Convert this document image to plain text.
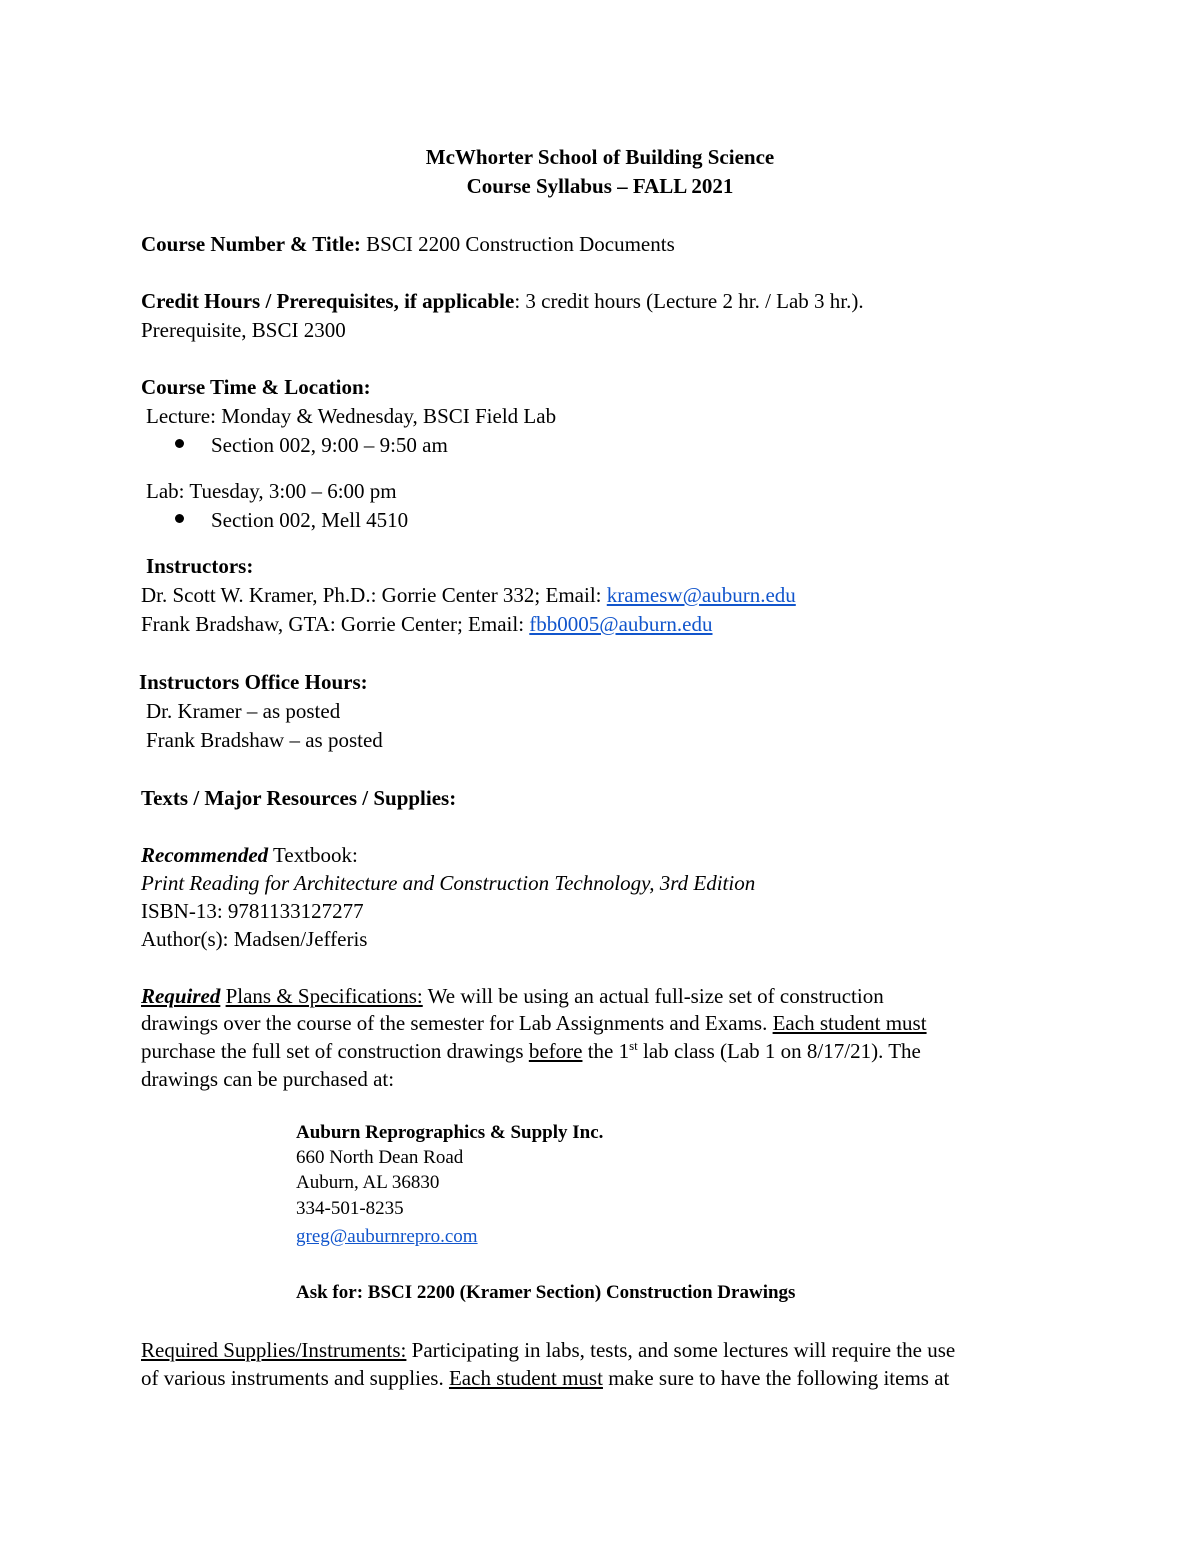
McWhorter School of Building Science
Course Syllabus – FALL 2021
Course Number & Title: BSCI 2200 Construction Documents
Credit Hours / Prerequisites, if applicable: 3 credit hours (Lecture 2 hr. / Lab 3 hr.).
Prerequisite, BSCI 2300
Course Time & Location:
Lecture: Monday & Wednesday, BSCI Field Lab
Section 002, 9:00 – 9:50 am
Lab: Tuesday, 3:00 – 6:00 pm
Section 002, Mell 4510
Instructors:
Dr. Scott W. Kramer, Ph.D.: Gorrie Center 332; Email: kramesw@auburn.edu
Frank Bradshaw, GTA: Gorrie Center; Email: fbb0005@auburn.edu
Instructors Office Hours:
Dr. Kramer – as posted
Frank Bradshaw – as posted
Texts / Major Resources / Supplies:
Recommended Textbook:
Print Reading for Architecture and Construction Technology, 3rd Edition
ISBN-13: 9781133127277
Author(s): Madsen/Jefferis
Required Plans & Specifications: We will be using an actual full-size set of construction
drawings over the course of the semester for Lab Assignments and Exams. Each student must
purchase the full set of construction drawings before the 1st lab class (Lab 1 on 8/17/21). The
drawings can be purchased at:
Auburn Reprographics & Supply Inc.
660 North Dean Road
Auburn, AL 36830
334-501-8235
greg@auburnrepro.com
Ask for: BSCI 2200 (Kramer Section) Construction Drawings
Required Supplies/Instruments: Participating in labs, tests, and some lectures will require the use
of various instruments and supplies. Each student must make sure to have the following items at
